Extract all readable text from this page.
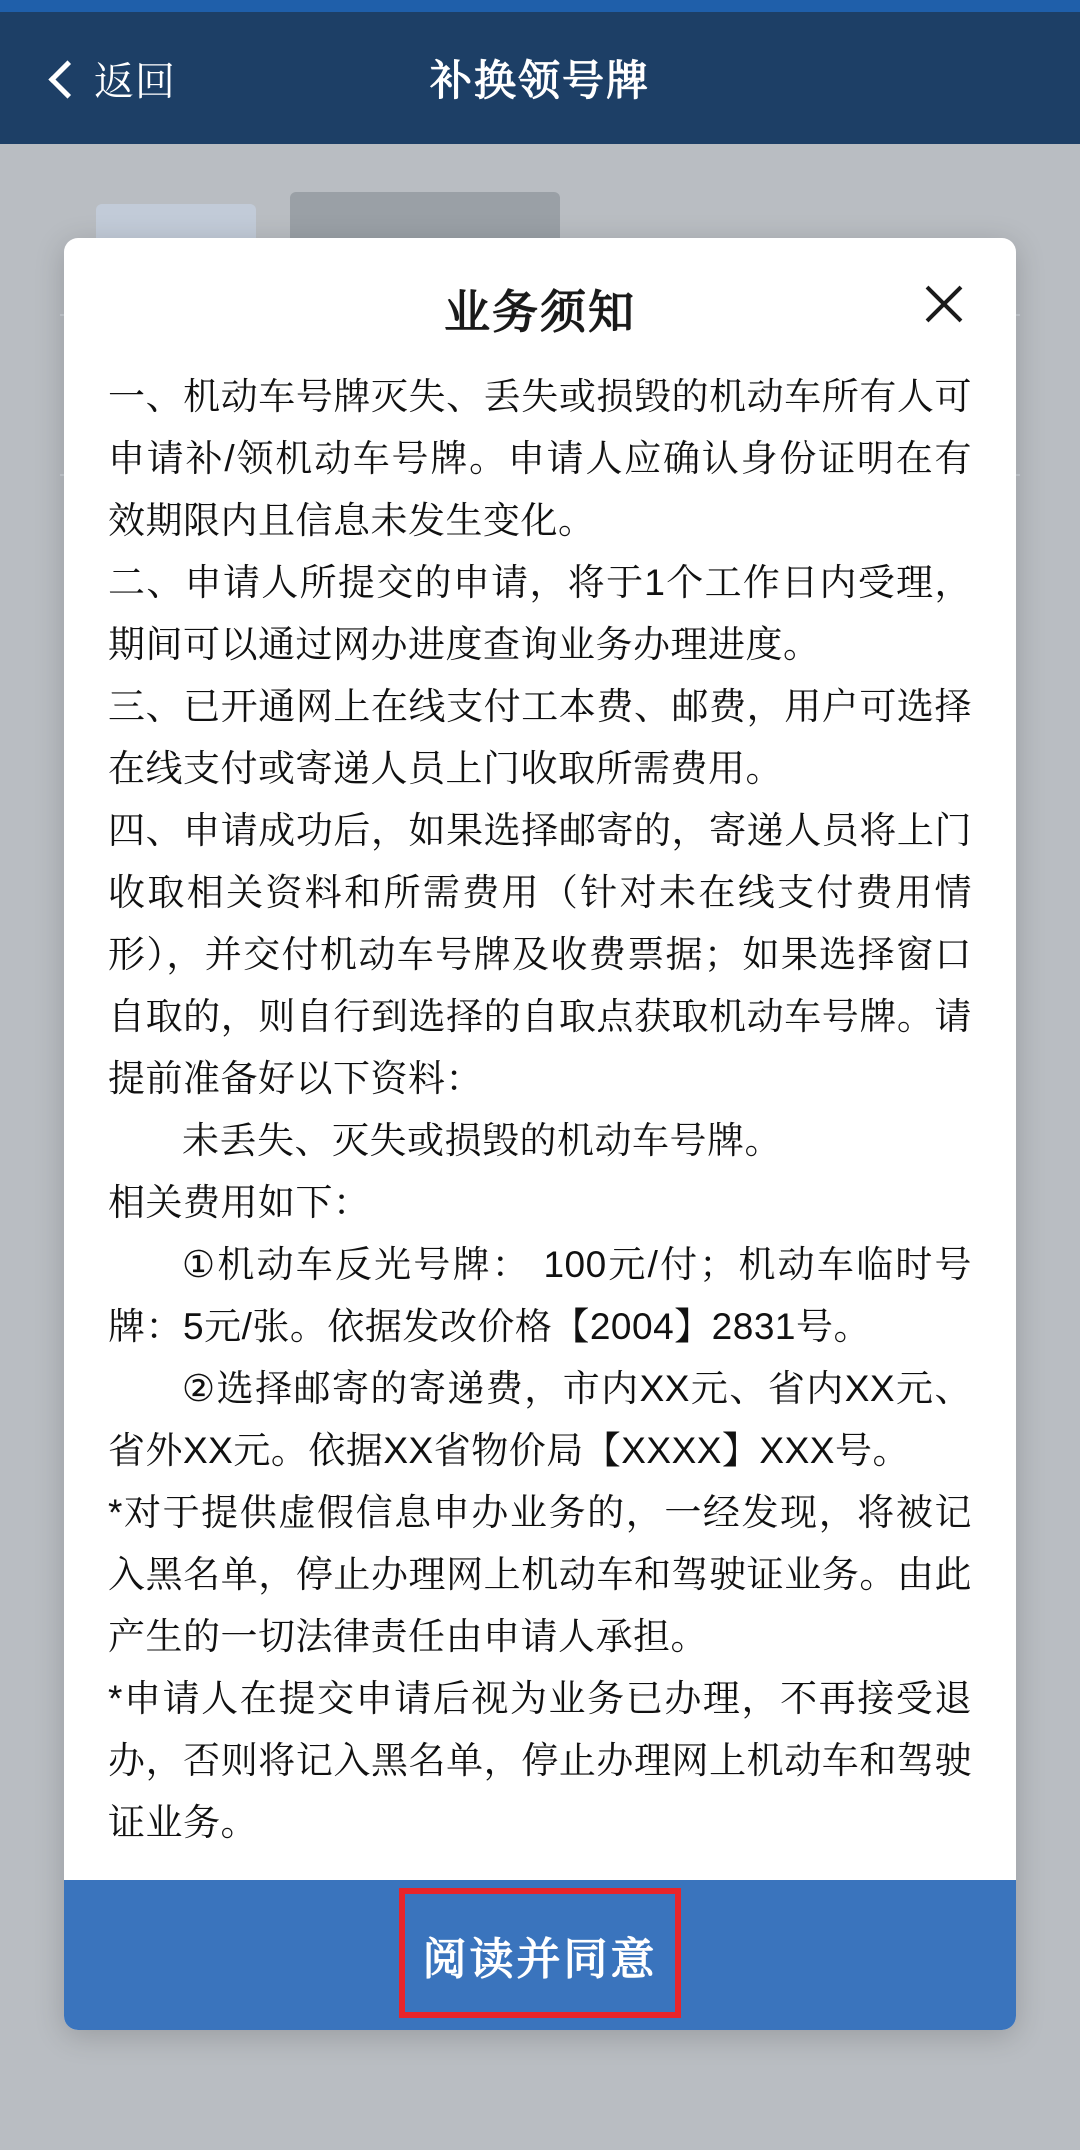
返回	补换领号牌
业务须知

一、机动车号牌灭失、丢失或损毁的机动车所有人可申请补/领机动车号牌。申请人应确认身份证明在有效期限内且信息未发生变化。

二、申请人所提交的申请，将于1个工作日内受理，期间可以通过网办进度查询业务办理进度。

三、已开通网上在线支付工本费、邮费，用户可选择在线支付或寄递人员上门收取所需费用。

四、申请成功后，如果选择邮寄的，寄递人员将上门收取相关资料和所需费用（针对未在线支付费用情形），并交付机动车号牌及收费票据；如果选择窗口自取的，则自行到选择的自取点获取机动车号牌。请提前准备好以下资料：

未丢失、灭失或损毁的机动车号牌。

相关费用如下：

①机动车反光号牌： 100元/付；机动车临时号牌：5元/张。依据发改价格【2004】2831号。

②选择邮寄的寄递费，市内XX元、省内XX元、省外XX元。依据XX省物价局【XXXX】XXX号。

*对于提供虚假信息申办业务的，一经发现，将被记入黑名单，停止办理网上机动车和驾驶证业务。由此产生的一切法律责任由申请人承担。

*申请人在提交申请后视为业务已办理，不再接受退办，否则将记入黑名单，停止办理网上机动车和驾驶证业务。

阅读并同意
